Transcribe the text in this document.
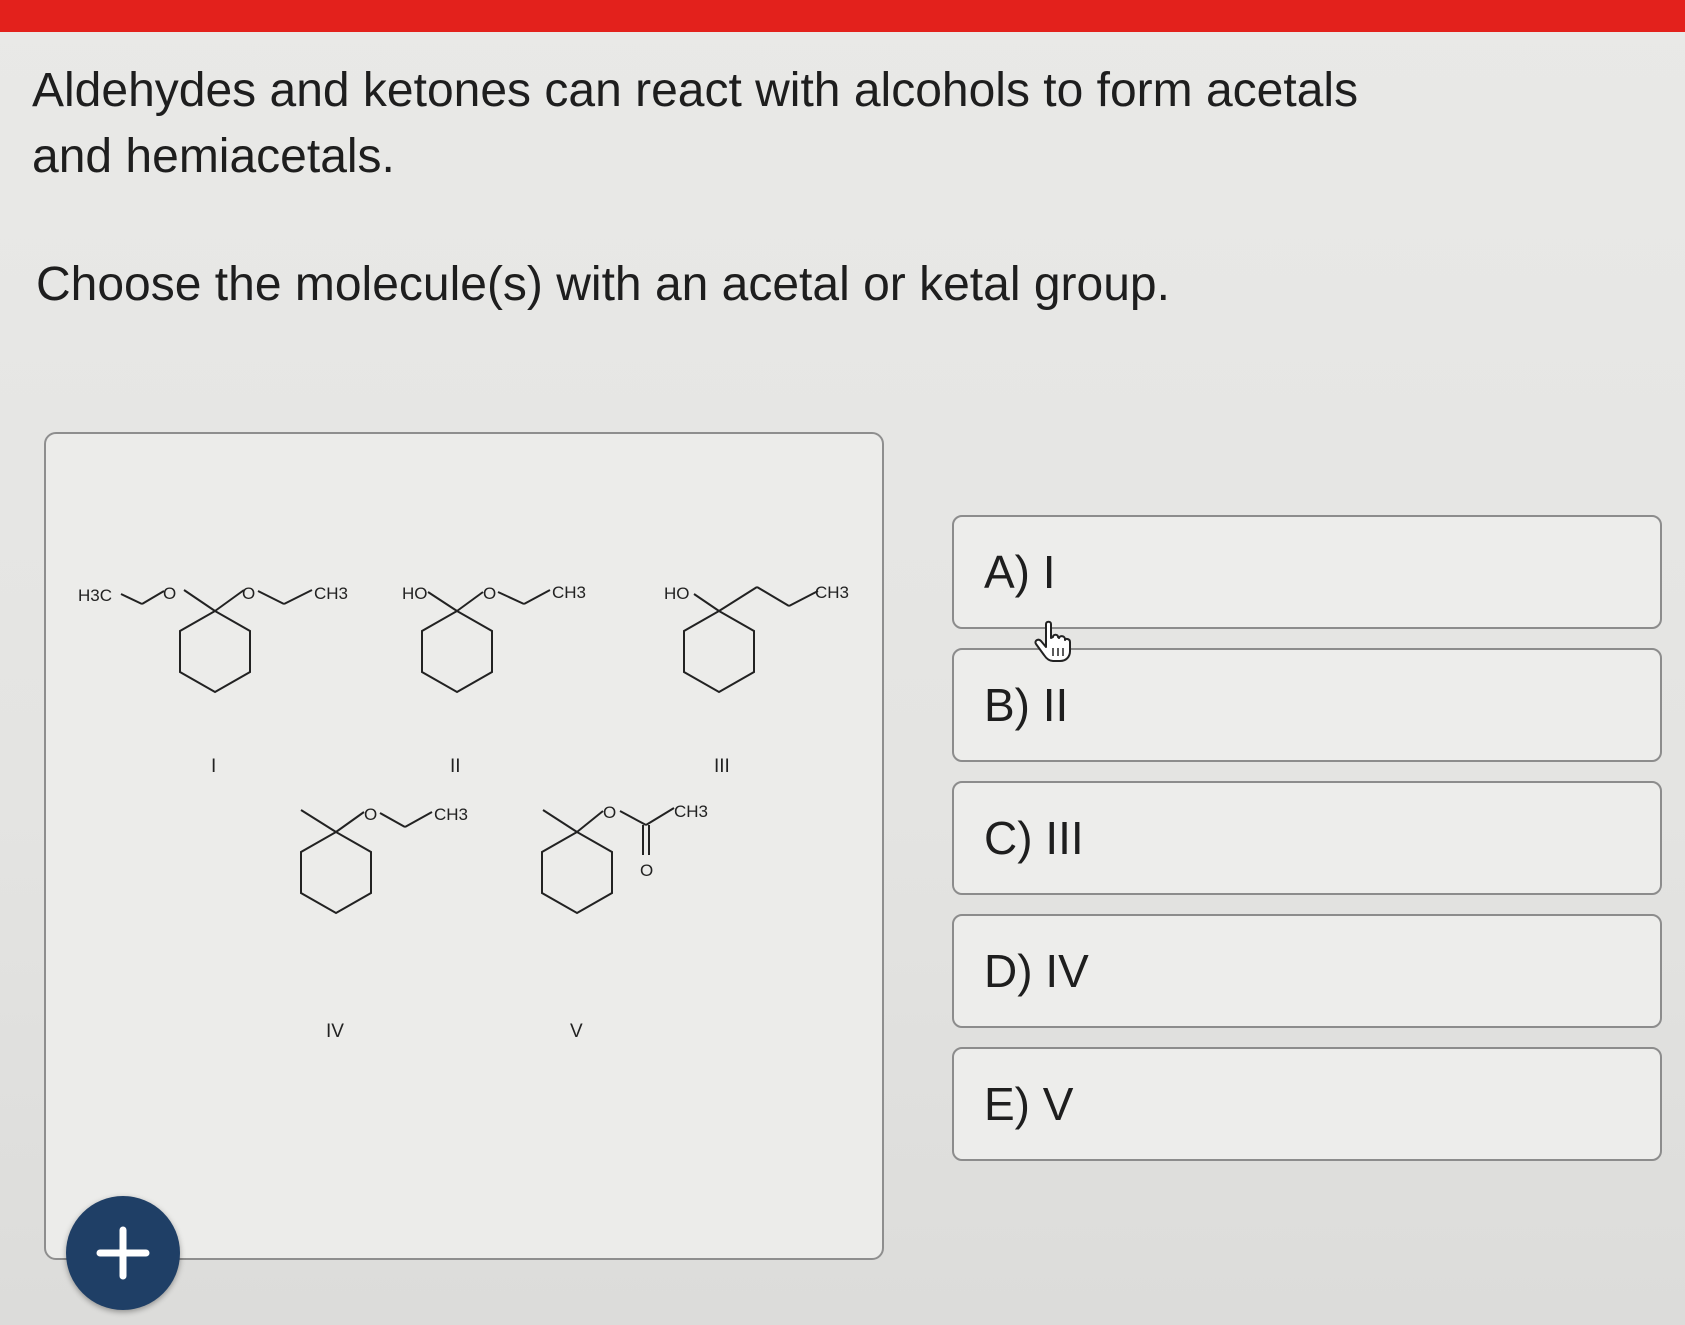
Aldehydes and ketones can react with alcohols to form acetals and hemiacetals.

Choose the molecule(s) with an acetal or ketal group.

H3C	O	O	CH3
I
HO	O	CH3
II
HO	CH3
III
O	CH3
IV
O	CH3
O
V
A) I
B) II
C) III
D) IV
E) V
